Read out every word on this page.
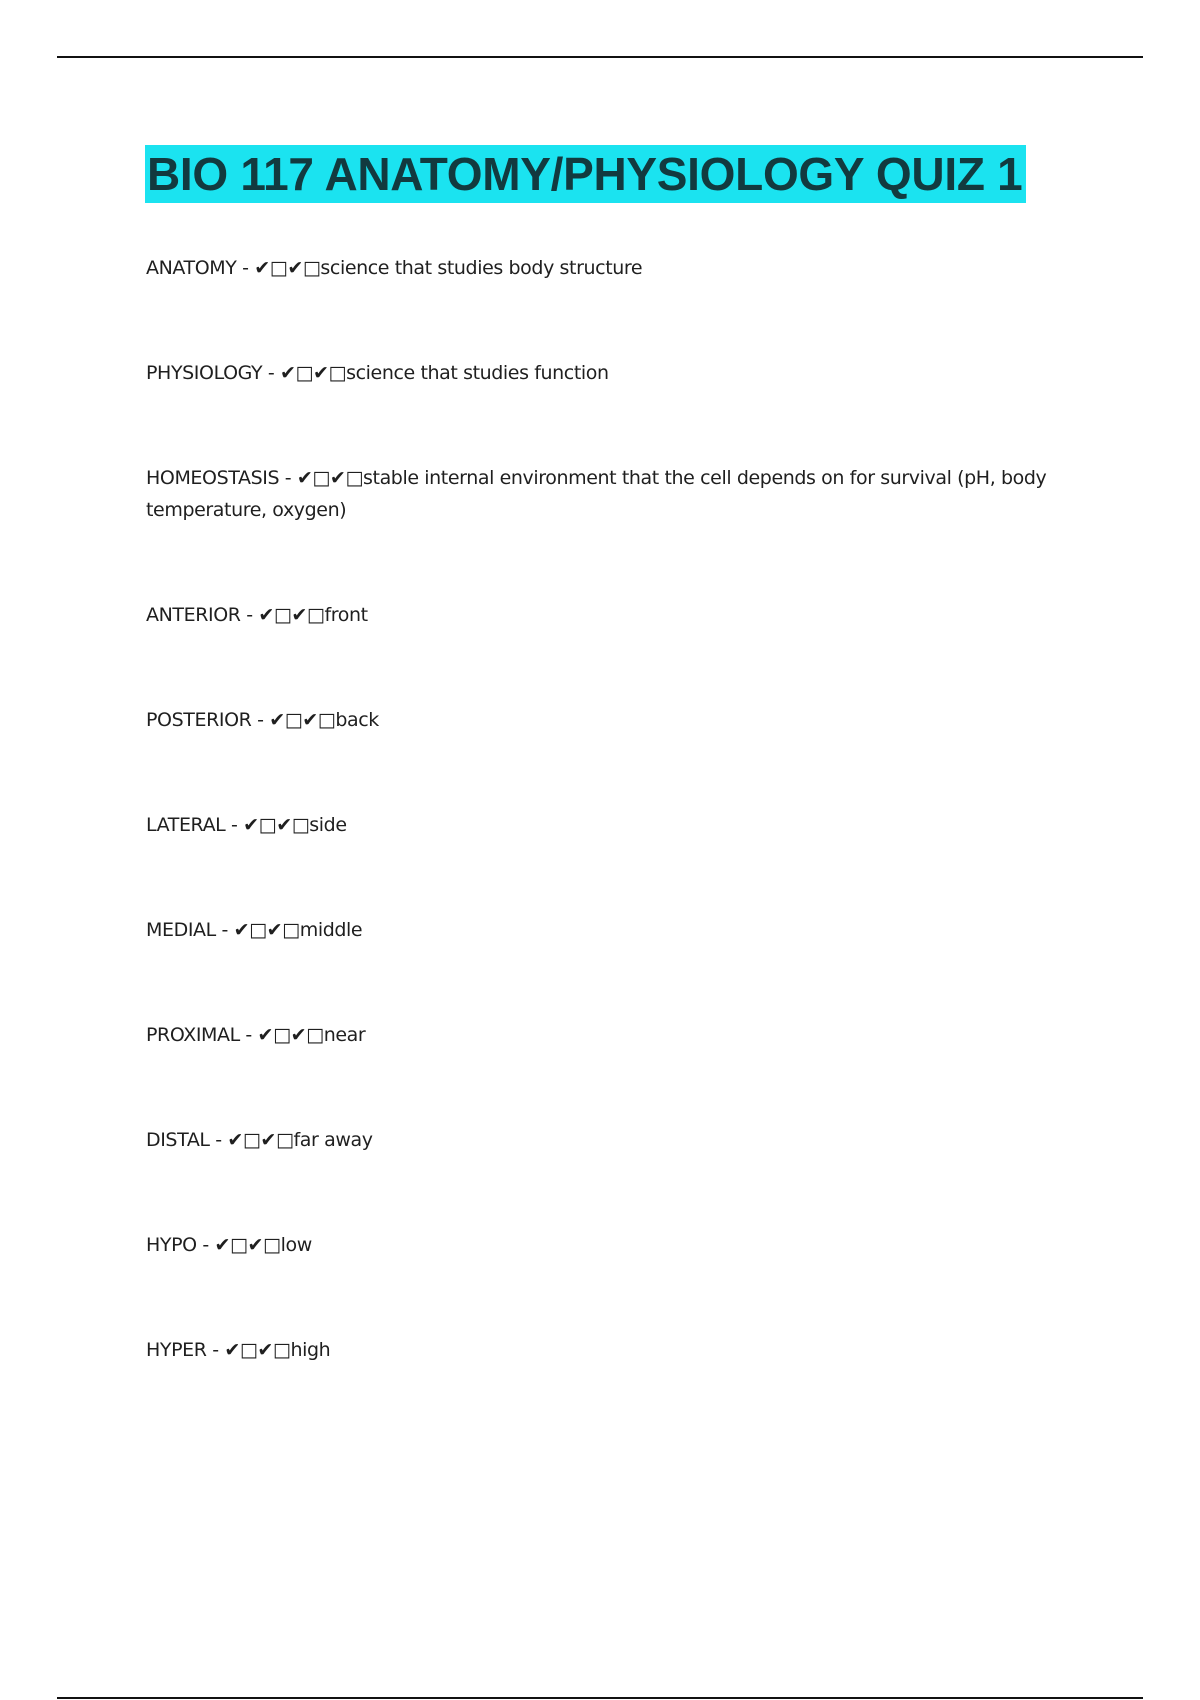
BIO 117 ANATOMY/PHYSIOLOGY QUIZ 1
ANATOMY - ✔□✔□science that studies body structure
PHYSIOLOGY - ✔□✔□science that studies function
HOMEOSTASIS - ✔□✔□stable internal environment that the cell depends on for survival (pH, body temperature, oxygen)
ANTERIOR - ✔□✔□front
POSTERIOR - ✔□✔□back
LATERAL - ✔□✔□side
MEDIAL - ✔□✔□middle
PROXIMAL - ✔□✔□near
DISTAL - ✔□✔□far away
HYPO - ✔□✔□low
HYPER - ✔□✔□high
